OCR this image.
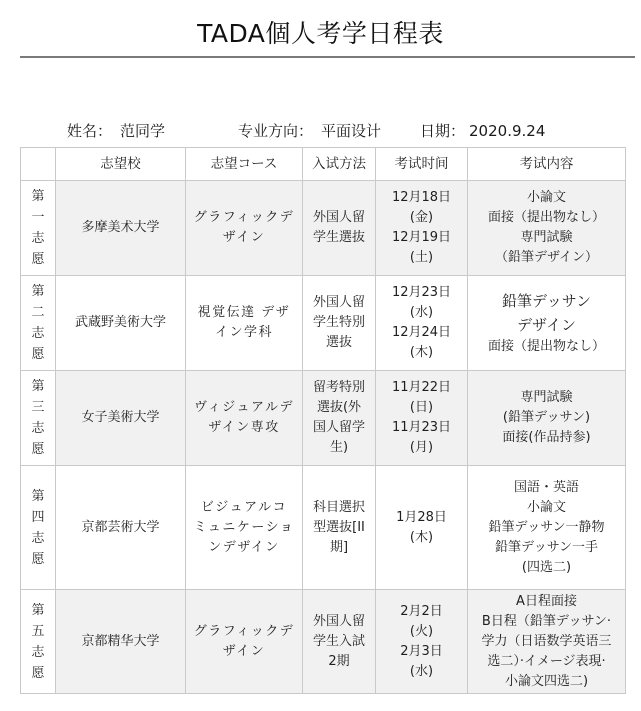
TADA個人考学日程表
姓名： 范同学	专业方向： 平面设计	日期： 2020.9.24
	志望校	志望コース	入试方法	考试时间	考试内容

第
一
志
愿	多摩美术大学	グラフィックデ
ザイン	外国人留
学生選抜	12月18日
(金)
12月19日
(土)	小論文
面接（提出物なし）
専門試験
（鉛筆デザイン）

第
二
志
愿	武蔵野美術大学	視覚伝達 デザ
イン学科	外国人留
学生特別
選抜	12月23日
(水)
12月24日
(木)	鉛筆デッサン
デザイン
面接（提出物なし）

第
三
志
愿	女子美術大学	ヴィジュアルデ
ザイン専攻	留考特別
選抜(外
国人留学
生)	11月22日
(日)
11月23日
(月)	専門試験
(鉛筆デッサン)
面接(作品持参)

第
四
志
愿	京都芸術大学	ビジュアルコ
ミュニケーショ
ンデザイン	科目選択
型選抜[II
期]	1月28日
(木)	国語・英語
小論文
鉛筆デッサン一静物
鉛筆デッサン一手
(四选二)

第
五
志
愿	京都精华大学	グラフィックデ
ザイン	外国人留
学生入試
2期	2月2日
(火)
2月3日
(水)	A日程面接
B日程（鉛筆デッサン·
学力（日语数学英语三
选二）·イメージ表現·
小論文四选二)
